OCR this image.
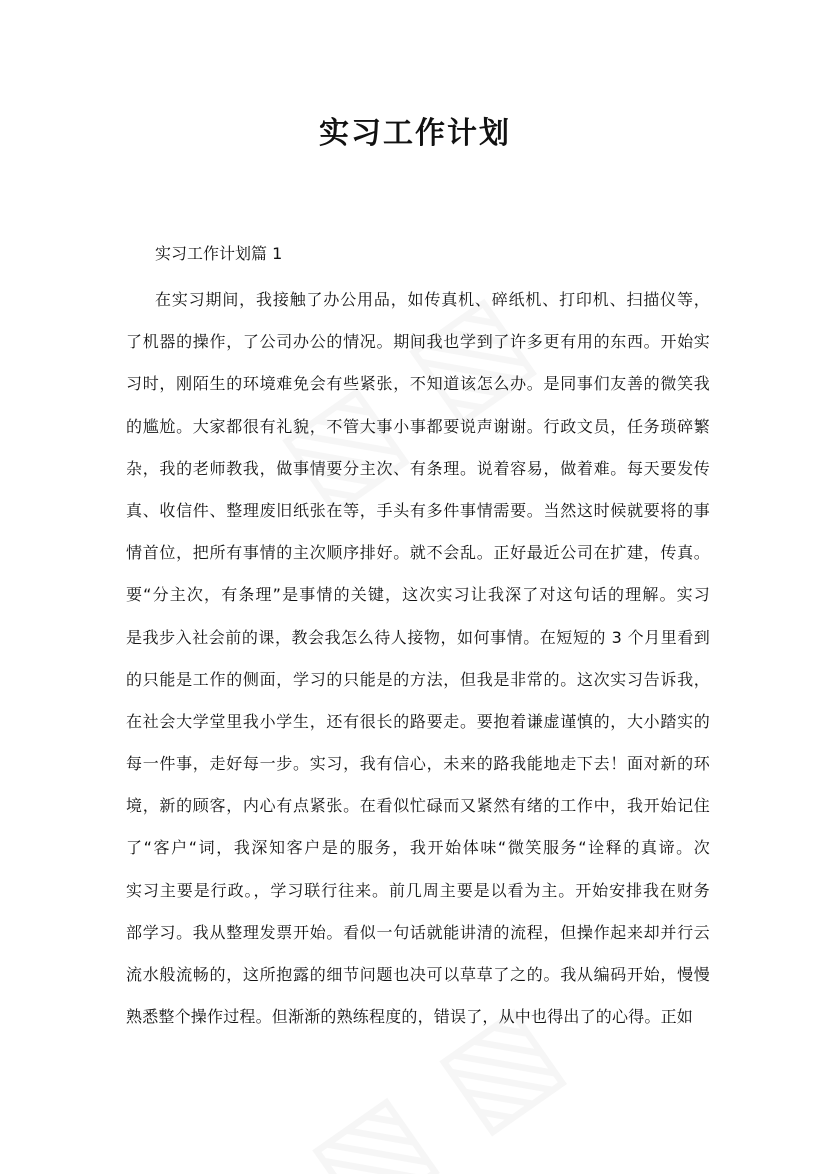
实习工作计划

实习工作计划篇 1

在实习期间，我接触了办公用品，如传真机、碎纸机、打印机、扫描仪等，
了机器的操作，了公司办公的情况。期间我也学到了许多更有用的东西。开始实
习时，刚陌生的环境难免会有些紧张，不知道该怎么办。是同事们友善的微笑我
的尴尬。大家都很有礼貌，不管大事小事都要说声谢谢。行政文员，任务琐碎繁
杂，我的老师教我，做事情要分主次、有条理。说着容易，做着难。每天要发传
真、收信件、整理废旧纸张在等，手头有多件事情需要。当然这时候就要将的事
情首位，把所有事情的主次顺序排好。就不会乱。正好最近公司在扩建，传真。
要“分主次，有条理”是事情的关键，这次实习让我深了对这句话的理解。实习
是我步入社会前的课，教会我怎么待人接物，如何事情。在短短的 3 个月里看到
的只能是工作的侧面，学习的只能是的方法，但我是非常的。这次实习告诉我，
在社会大学堂里我小学生，还有很长的路要走。要抱着谦虚谨慎的，大小踏实的
每一件事，走好每一步。实习，我有信心，未来的路我能地走下去！面对新的环
境，新的顾客，内心有点紧张。在看似忙碌而又紧然有绪的工作中，我开始记住
了“客户“词，我深知客户是的服务，我开始体味“微笑服务“诠释的真谛。次
实习主要是行政。，学习联行往来。前几周主要是以看为主。开始安排我在财务
部学习。我从整理发票开始。看似一句话就能讲清的流程，但操作起来却并行云
流水般流畅的，这所抱露的细节问题也决可以草草了之的。我从编码开始，慢慢
熟悉整个操作过程。但渐渐的熟练程度的，错误了，从中也得出了的心得。正如
